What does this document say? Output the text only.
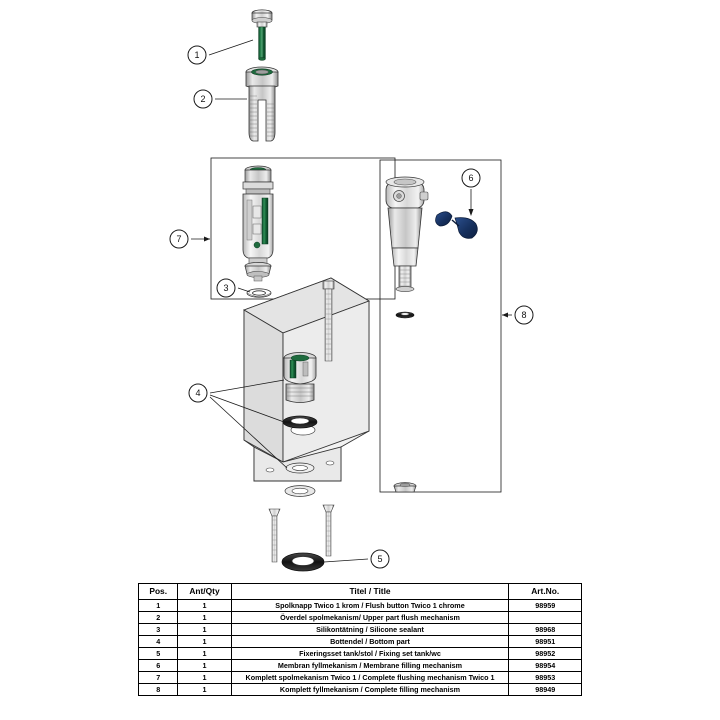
1
2
3
4
5
6
7
8
Pos.	Ant/Qty	Titel / Title	Art.No.
1	1	Spolknapp Twico 1 krom / Flush button Twico 1 chrome	98959
2	1	Överdel spolmekanism/ Upper part flush mechanism	
3	1	Silikontätning / Silicone sealant	98968
4	1	Bottendel / Bottom part	98951
5	1	Fixeringsset tank/stol / Fixing set tank/wc	98952
6	1	Membran fyllmekanism / Membrane filling mechanism	98954
7	1	Komplett spolmekanism Twico 1 / Complete flushing mechanism Twico 1	98953
8	1	Komplett fyllmekanism / Complete filling mechanism	98949
